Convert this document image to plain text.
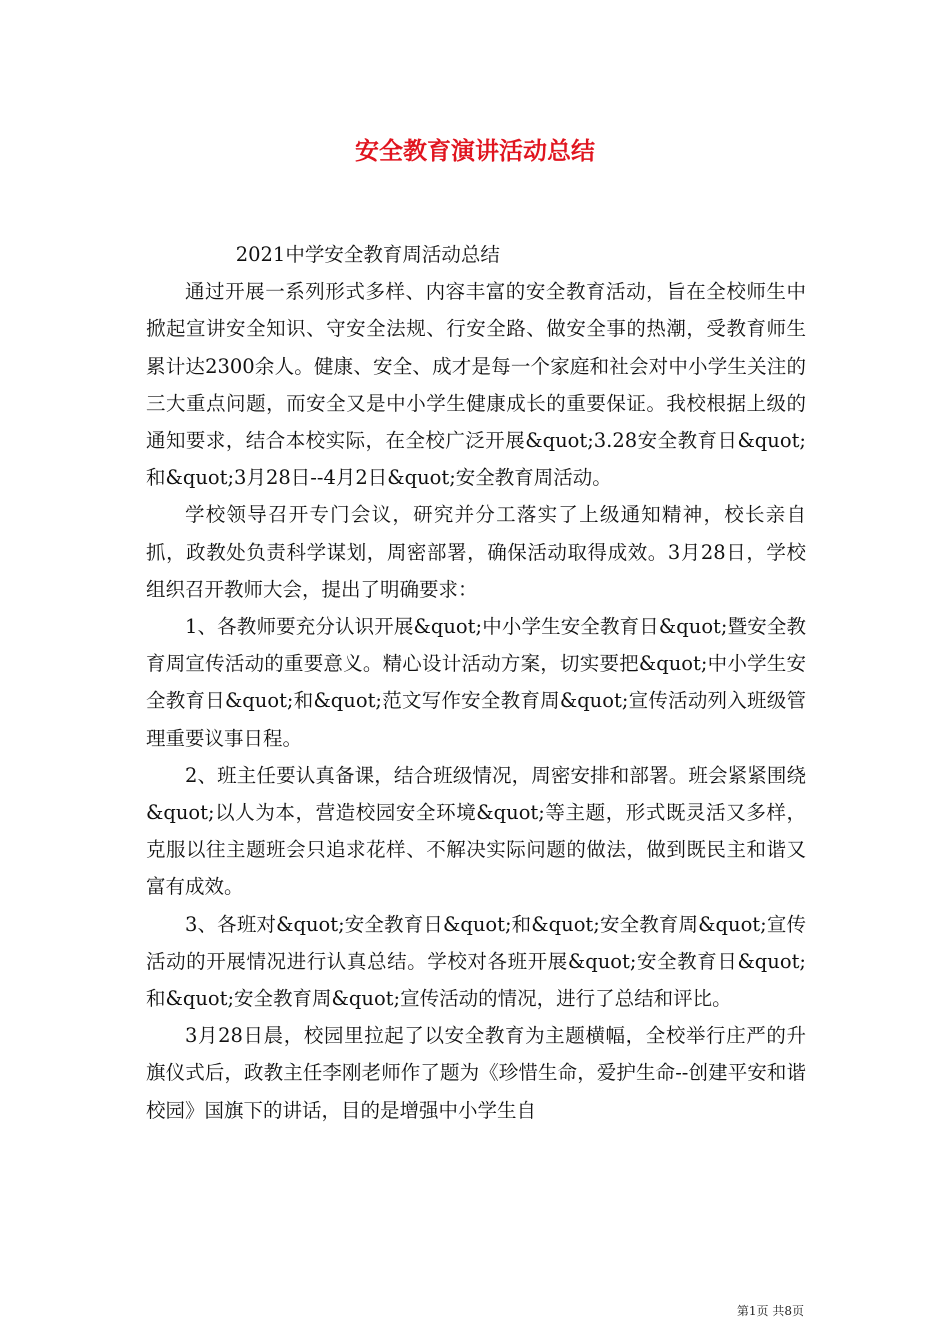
安全教育演讲活动总结

2021中学安全教育周活动总结

通过开展一系列形式多样、内容丰富的安全教育活动，旨在全校师生中掀起宣讲安全知识、守安全法规、行安全路、做安全事的热潮，受教育师生累计达2300余人。健康、安全、成才是每一个家庭和社会对中小学生关注的三大重点问题，而安全又是中小学生健康成长的重要保证。我校根据上级的通知要求，结合本校实际，在全校广泛开展&quot;3.28安全教育日&quot;和&quot;3月28日--4月2日&quot;安全教育周活动。

学校领导召开专门会议，研究并分工落实了上级通知精神，校长亲自抓，政教处负责科学谋划，周密部署，确保活动取得成效。3月28日，学校组织召开教师大会，提出了明确要求：

1、各教师要充分认识开展&quot;中小学生安全教育日&quot;暨安全教育周宣传活动的重要意义。精心设计活动方案，切实要把&quot;中小学生安全教育日&quot;和&quot;范文写作安全教育周&quot;宣传活动列入班级管理重要议事日程。

2、班主任要认真备课，结合班级情况，周密安排和部署。班会紧紧围绕&quot;以人为本，营造校园安全环境&quot;等主题，形式既灵活又多样，克服以往主题班会只追求花样、不解决实际问题的做法，做到既民主和谐又富有成效。

3、各班对&quot;安全教育日&quot;和&quot;安全教育周&quot;宣传活动的开展情况进行认真总结。学校对各班开展&quot;安全教育日&quot;和&quot;安全教育周&quot;宣传活动的情况，进行了总结和评比。

3月28日晨，校园里拉起了以安全教育为主题横幅，全校举行庄严的升旗仪式后，政教主任李刚老师作了题为《珍惜生命，爱护生命--创建平安和谐校园》国旗下的讲话，目的是增强中小学生自

第1页 共8页
